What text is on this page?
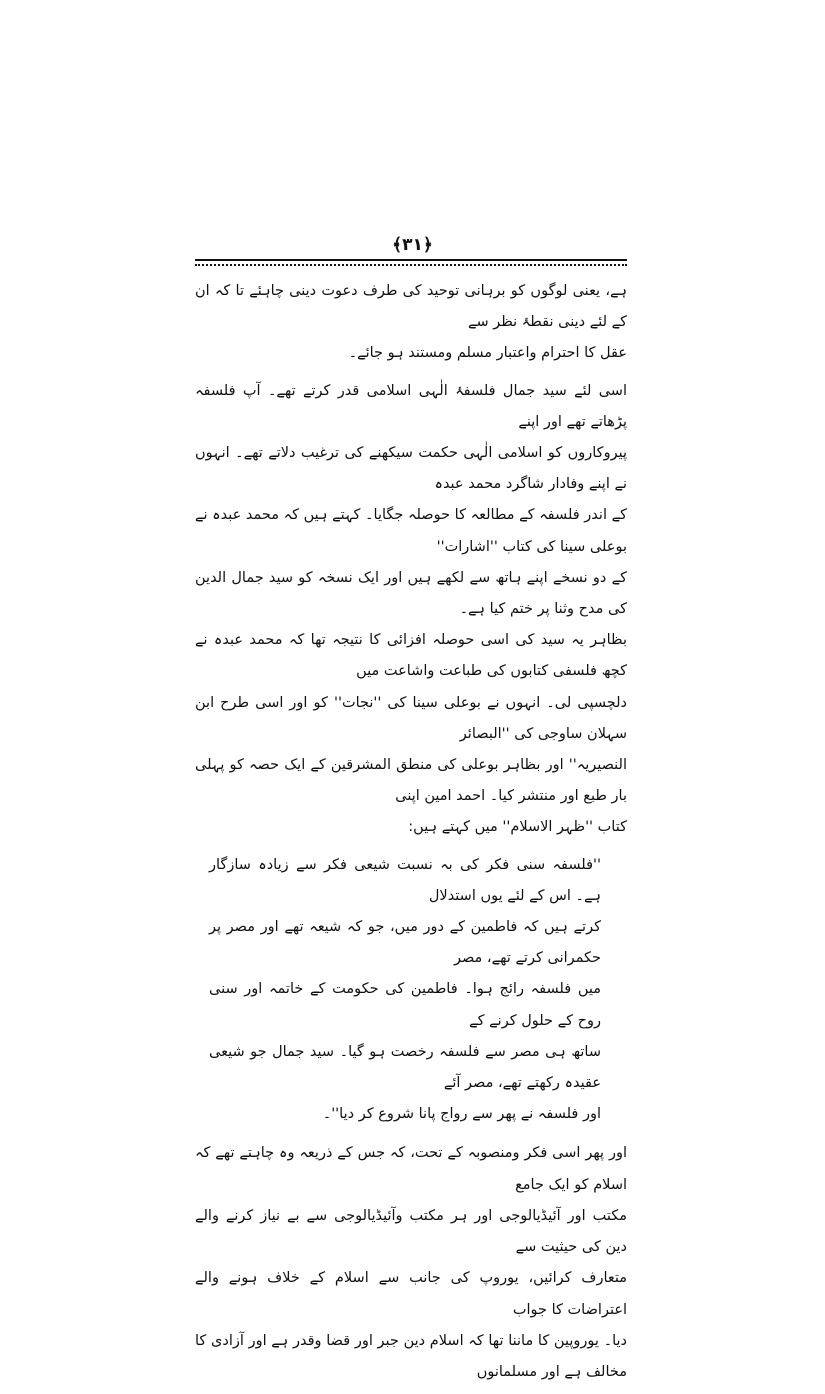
﴿٣١﴾

ہے، یعنی لوگوں کو برہانی توحید کی طرف دعوت دینی چاہئے تا کہ ان کے لئے دینی نقطۂ نظر سے
عقل کا احترام واعتبار مسلم ومستند ہو جائے۔

اسی لئے سید جمال فلسفۂ الٰہی اسلامی قدر کرتے تھے۔ آپ فلسفہ پڑھاتے تھے اور اپنے
پیروکاروں کو اسلامی الٰہی حکمت سیکھنے کی ترغیب دلاتے تھے۔ انہوں نے اپنے وفادار شاگرد محمد عبدہ
کے اندر فلسفہ کے مطالعہ کا حوصلہ جگایا۔ کہتے ہیں کہ محمد عبدہ نے بوعلی سینا کی کتاب ''اشارات''
کے دو نسخے اپنے ہاتھ سے لکھے ہیں اور ایک نسخہ کو سید جمال الدین کی مدح وثنا پر ختم کیا ہے۔
بظاہر یہ سید کی اسی حوصلہ افزائی کا نتیجہ تھا کہ محمد عبدہ نے کچھ فلسفی کتابوں کی طباعت واشاعت میں
دلچسپی لی۔ انہوں نے بوعلی سینا کی ''نجات'' کو اور اسی طرح ابن سہلان ساوجی کی ''البصائر
النصیریہ'' اور بظاہر بوعلی کی منطق المشرقین کے ایک حصہ کو پہلی بار طبع اور منتشر کیا۔ احمد امین اپنی
کتاب ''ظہر الاسلام'' میں کہتے ہیں:

''فلسفہ سنی فکر کی بہ نسبت شیعی فکر سے زیادہ سازگار ہے۔ اس کے لئے یوں استدلال
کرتے ہیں کہ فاطمین کے دور میں، جو کہ شیعہ تھے اور مصر پر حکمرانی کرتے تھے، مصر
میں فلسفہ رائج ہوا۔ فاطمین کی حکومت کے خاتمہ اور سنی روح کے حلول کرنے کے
ساتھ ہی مصر سے فلسفہ رخصت ہو گیا۔ سید جمال جو شیعی عقیدہ رکھتے تھے، مصر آئے
اور فلسفہ نے پھر سے رواج پانا شروع کر دیا''۔

اور پھر اسی فکر ومنصوبہ کے تحت، کہ جس کے ذریعہ وہ چاہتے تھے کہ اسلام کو ایک جامع
مکتب اور آئیڈیالوجی اور ہر مکتب وآئیڈیالوجی سے بے نیاز کرنے والے دین کی حیثیت سے
متعارف کرائیں، یوروپ کی جانب سے اسلام کے خلاف ہونے والے اعتراضات کا جواب
دیا۔ یوروپین کا ماننا تھا کہ اسلام دین جبر اور قضا وقدر ہے اور آزادی کا مخالف ہے اور مسلمانوں
